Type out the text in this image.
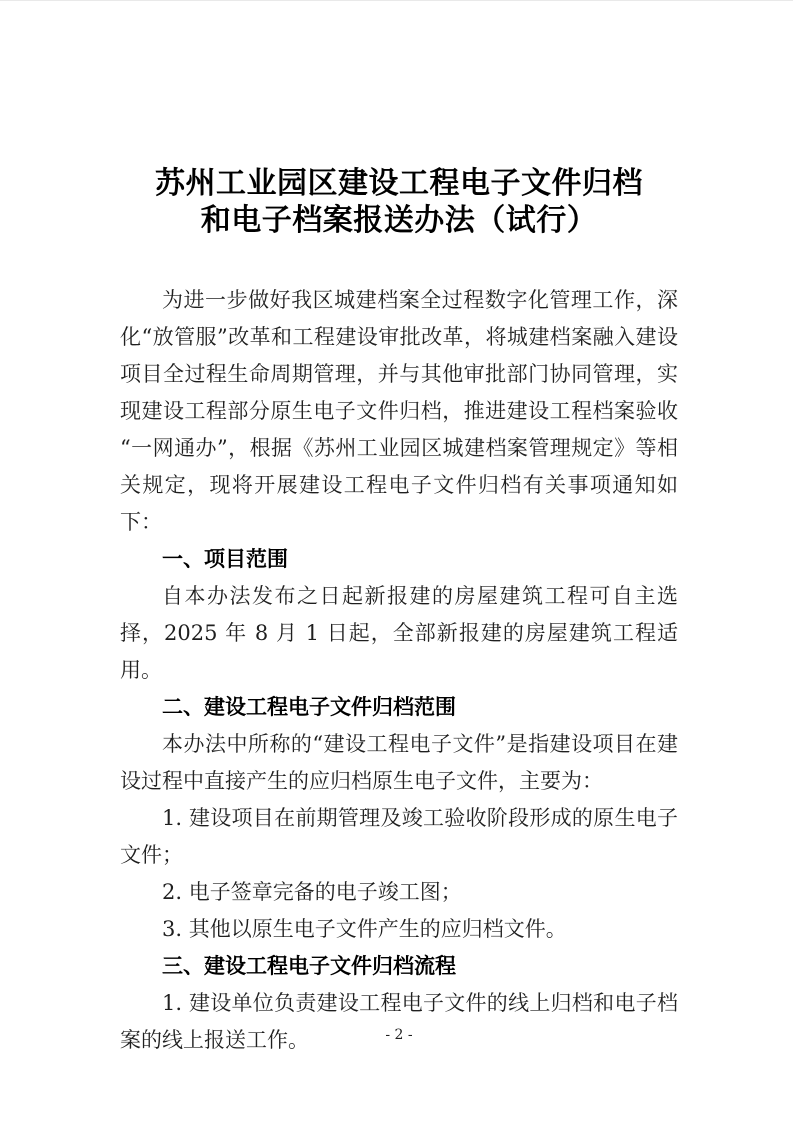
苏州工业园区建设工程电子文件归档
和电子档案报送办法（试行）

为进一步做好我区城建档案全过程数字化管理工作，深化“放管服”改革和工程建设审批改革，将城建档案融入建设项目全过程生命周期管理，并与其他审批部门协同管理，实现建设工程部分原生电子文件归档，推进建设工程档案验收“一网通办”，根据《苏州工业园区城建档案管理规定》等相关规定，现将开展建设工程电子文件归档有关事项通知如下：

一、项目范围

自本办法发布之日起新报建的房屋建筑工程可自主选择，2025 年 8 月 1 日起，全部新报建的房屋建筑工程适用。

二、建设工程电子文件归档范围

本办法中所称的“建设工程电子文件”是指建设项目在建设过程中直接产生的应归档原生电子文件，主要为：

1. 建设项目在前期管理及竣工验收阶段形成的原生电子文件；

2. 电子签章完备的电子竣工图；

3. 其他以原生电子文件产生的应归档文件。

三、建设工程电子文件归档流程

1. 建设单位负责建设工程电子文件的线上归档和电子档案的线上报送工作。	- 2 -
